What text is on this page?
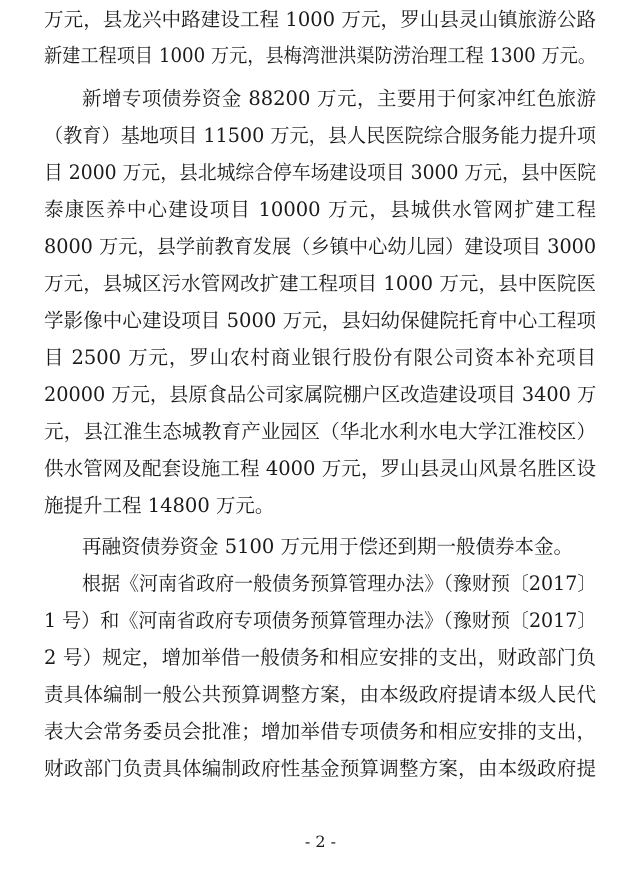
万元，县龙兴中路建设工程 1000 万元，罗山县灵山镇旅游公路
新建工程项目 1000 万元，县梅湾泄洪渠防涝治理工程 1300 万元。
新增专项债券资金 88200 万元，主要用于何家冲红色旅游
（教育）基地项目 11500 万元，县人民医院综合服务能力提升项
目 2000 万元，县北城综合停车场建设项目 3000 万元，县中医院
泰康医养中心建设项目 10000 万元，县城供水管网扩建工程
8000 万元，县学前教育发展（乡镇中心幼儿园）建设项目 3000
万元，县城区污水管网改扩建工程项目 1000 万元，县中医院医
学影像中心建设项目 5000 万元，县妇幼保健院托育中心工程项
目 2500 万元，罗山农村商业银行股份有限公司资本补充项目
20000 万元，县原食品公司家属院棚户区改造建设项目 3400 万
元，县江淮生态城教育产业园区（华北水利水电大学江淮校区）
供水管网及配套设施工程 4000 万元，罗山县灵山风景名胜区设
施提升工程 14800 万元。
再融资债券资金 5100 万元用于偿还到期一般债券本金。
根据《河南省政府一般债务预算管理办法》（豫财预〔2017〕
1 号）和《河南省政府专项债务预算管理办法》（豫财预〔2017〕
2 号）规定，增加举借一般债务和相应安排的支出，财政部门负
责具体编制一般公共预算调整方案，由本级政府提请本级人民代
表大会常务委员会批准；增加举借专项债务和相应安排的支出，
财政部门负责具体编制政府性基金预算调整方案，由本级政府提
- 2 -
